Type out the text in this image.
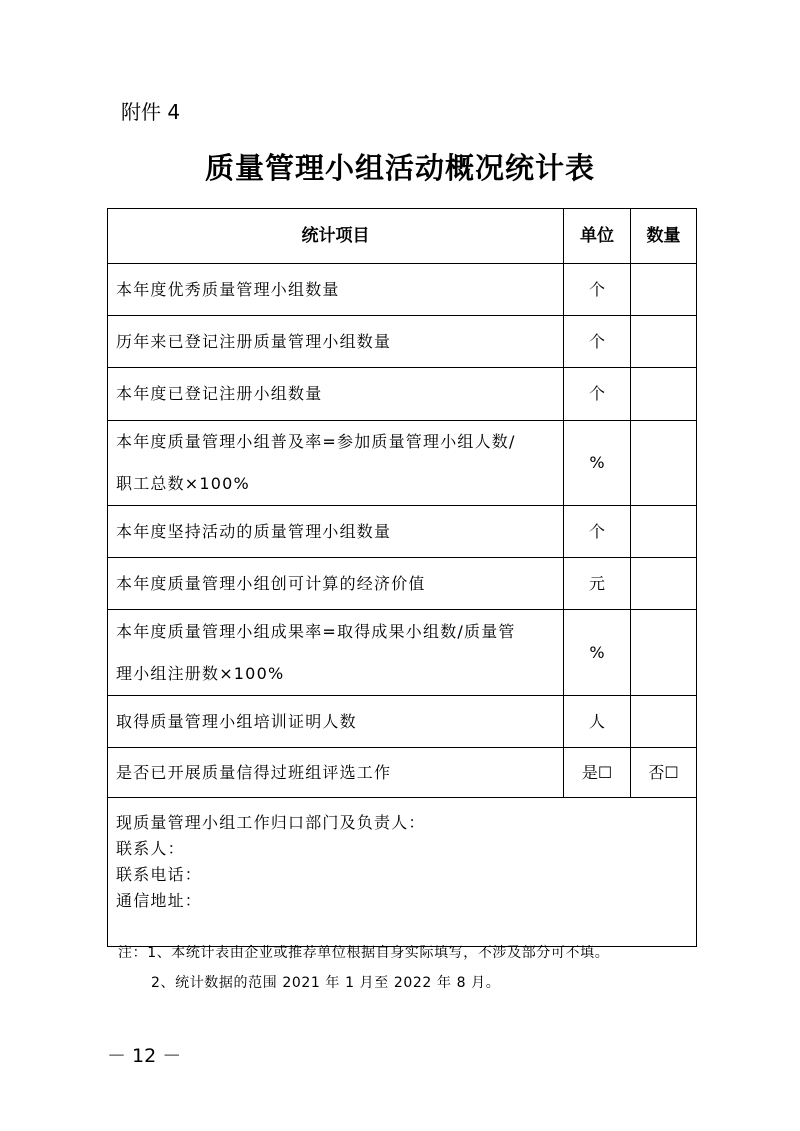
附件 4
质量管理小组活动概况统计表
统计项目	单位	数量
本年度优秀质量管理小组数量	个	
历年来已登记注册质量管理小组数量	个	
本年度已登记注册小组数量	个	

本年度质量管理小组普及率=参加质量管理小组人数/
职工总数×100%	%	
本年度坚持活动的质量管理小组数量	个	
本年度质量管理小组创可计算的经济价值	元	

本年度质量管理小组成果率=取得成果小组数/质量管
理小组注册数×100%	%	
取得质量管理小组培训证明人数	人	
是否已开展质量信得过班组评选工作	是☐	否☐

现质量管理小组工作归口部门及负责人：
联系人：
联系电话：
通信地址：		
注：1、本统计表由企业或推荐单位根据自身实际填写，不涉及部分可不填。
2、统计数据的范围 2021 年 1 月至 2022 年 8 月。
－ 12 －
